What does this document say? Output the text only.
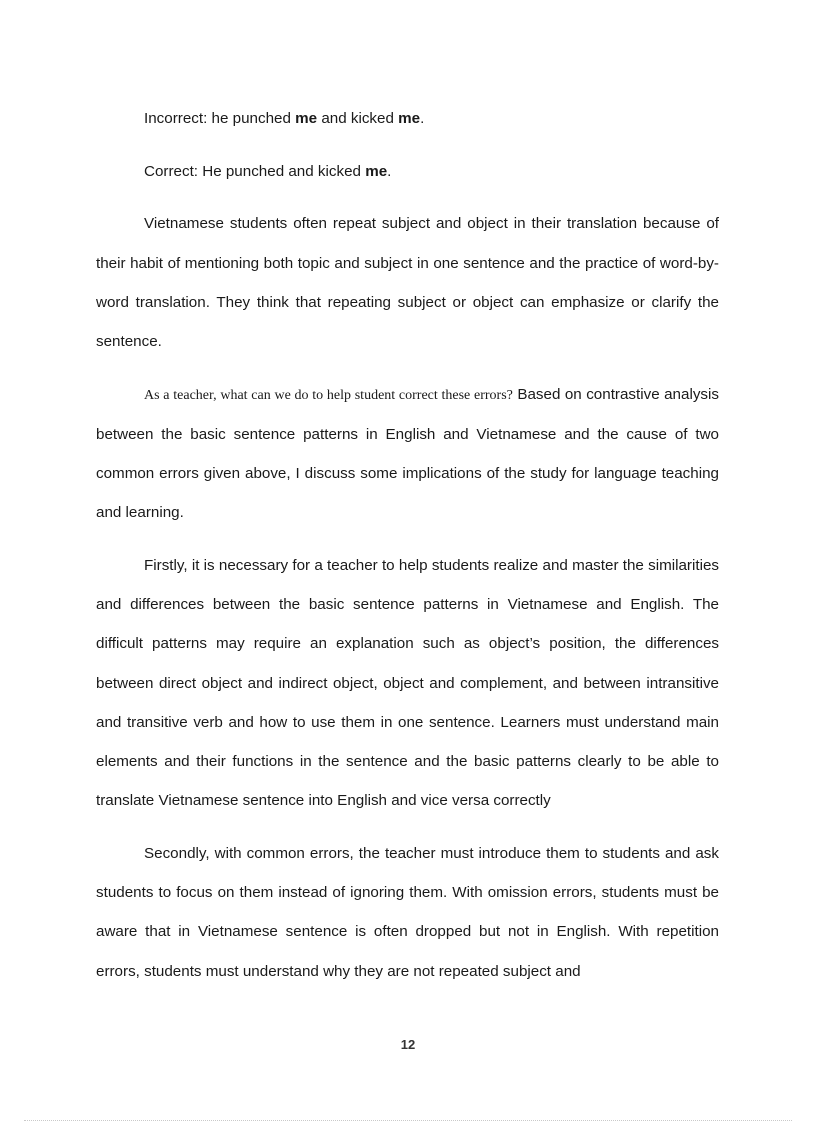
Incorrect: he punched me and kicked me.

Correct: He punched and kicked me.

Vietnamese students often repeat subject and object in their translation because of their habit of mentioning both topic and subject in one sentence and the practice of word-by-word translation. They think that repeating subject or object can emphasize or clarify the sentence.

As a teacher, what can we do to help student correct these errors? Based on contrastive analysis between the basic sentence patterns in English and Vietnamese and the cause of two common errors given above, I discuss some implications of the study for language teaching and learning.

Firstly, it is necessary for a teacher to help students realize and master the similarities and differences between the basic sentence patterns in Vietnamese and English. The difficult patterns may require an explanation such as object’s position, the differences between direct object and indirect object, object and complement, and between intransitive and transitive verb and how to use them in one sentence. Learners must understand main elements and their functions in the sentence and the basic patterns clearly to be able to translate Vietnamese sentence into English and vice versa correctly

Secondly, with common errors, the teacher must introduce them to students and ask students to focus on them instead of ignoring them. With omission errors, students must be aware that in Vietnamese sentence is often dropped but not in English. With repetition errors, students must understand why they are not repeated subject and

12
